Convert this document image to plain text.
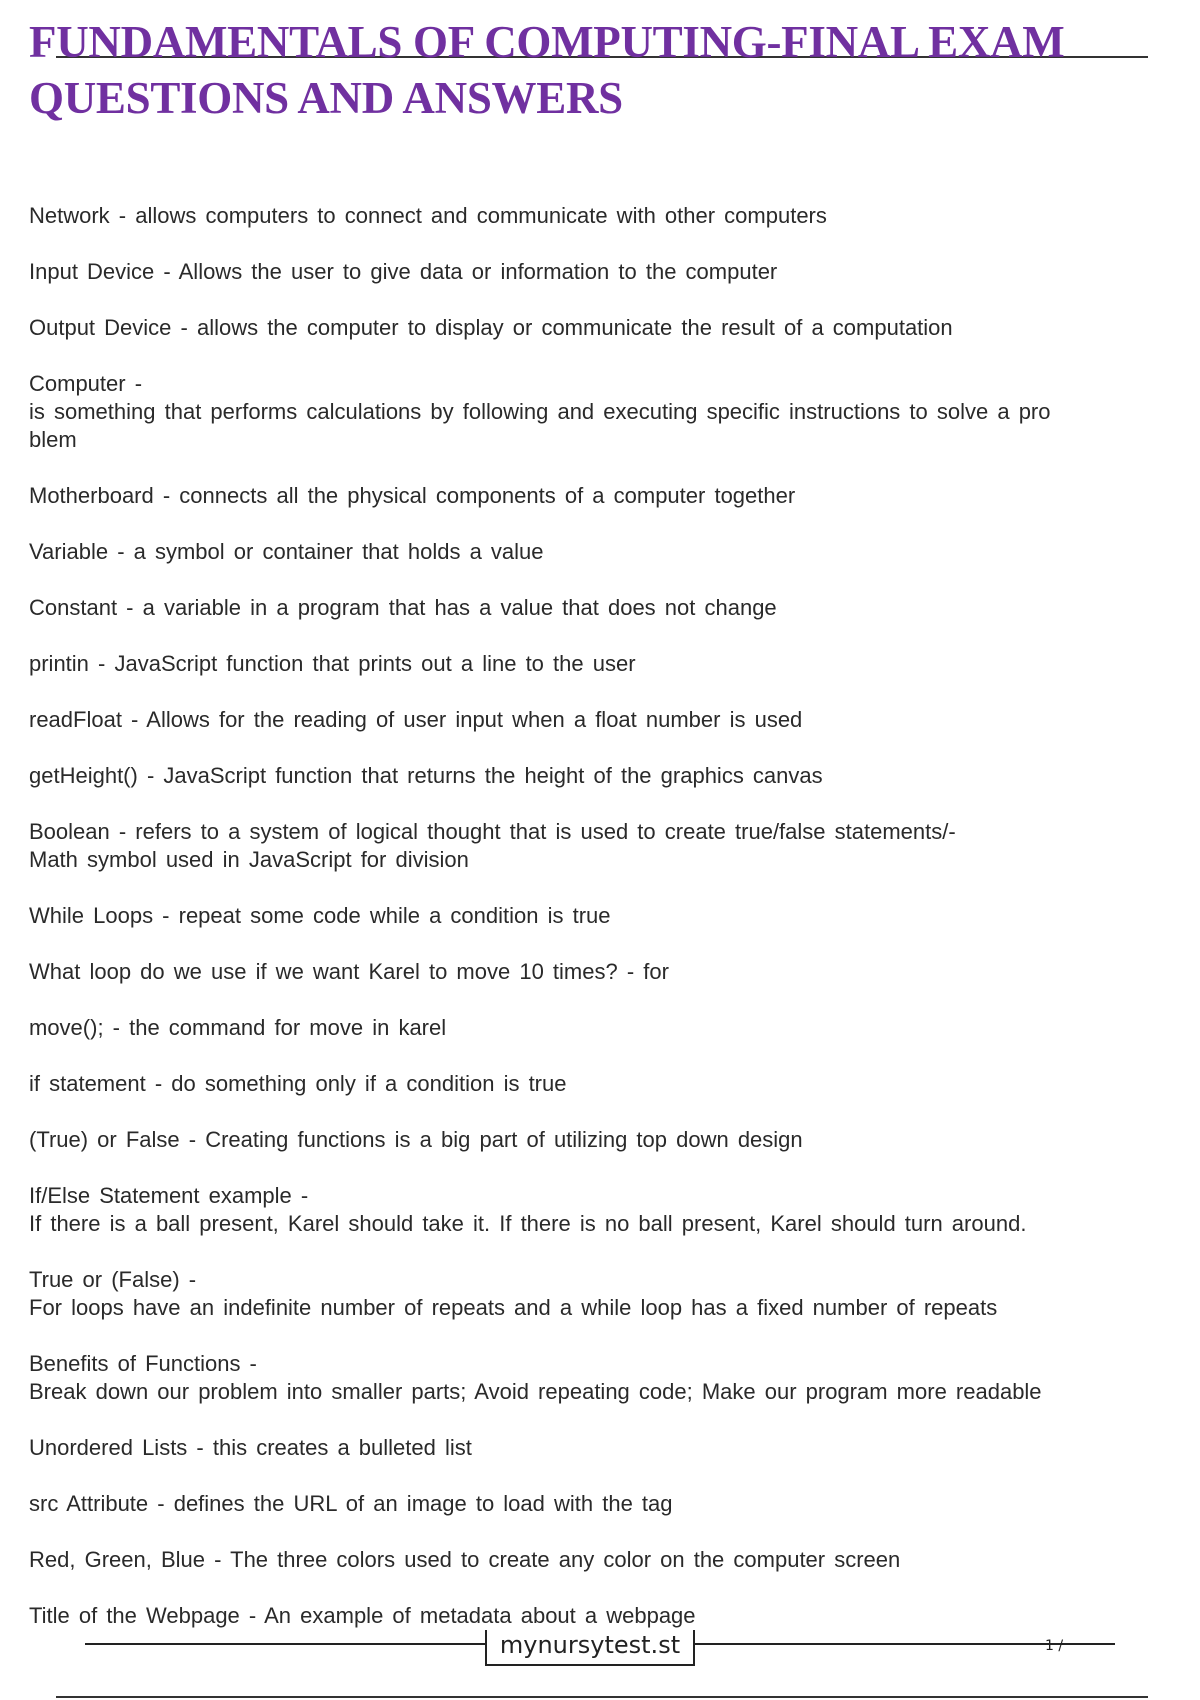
FUNDAMENTALS OF COMPUTING-FINAL EXAM QUESTIONS AND ANSWERS

Network - allows computers to connect and communicate with other computers

Input Device - Allows the user to give data or information to the computer

Output Device - allows the computer to display or communicate the result of a computation

Computer -
is something that performs calculations by following and executing specific instructions to solve a pro
blem

Motherboard - connects all the physical components of a computer together

Variable - a symbol or container that holds a value

Constant - a variable in a program that has a value that does not change

printin - JavaScript function that prints out a line to the user

readFloat - Allows for the reading of user input when a float number is used

getHeight() - JavaScript function that returns the height of the graphics canvas

Boolean - refers to a system of logical thought that is used to create true/false statements/-
Math symbol used in JavaScript for division

While Loops - repeat some code while a condition is true

What loop do we use if we want Karel to move 10 times? - for

move(); - the command for move in karel

if statement - do something only if a condition is true

(True) or False - Creating functions is a big part of utilizing top down design

If/Else Statement example -
If there is a ball present, Karel should take it. If there is no ball present, Karel should turn around.

True or (False) -
For loops have an indefinite number of repeats and a while loop has a fixed number of repeats

Benefits of Functions -
Break down our problem into smaller parts; Avoid repeating code; Make our program more readable

Unordered Lists - this creates a bulleted list

src Attribute - defines the URL of an image to load with the tag

Red, Green, Blue - The three colors used to create any color on the computer screen

Title of the Webpage - An example of metadata about a webpage

mynursytest.st	1 /
